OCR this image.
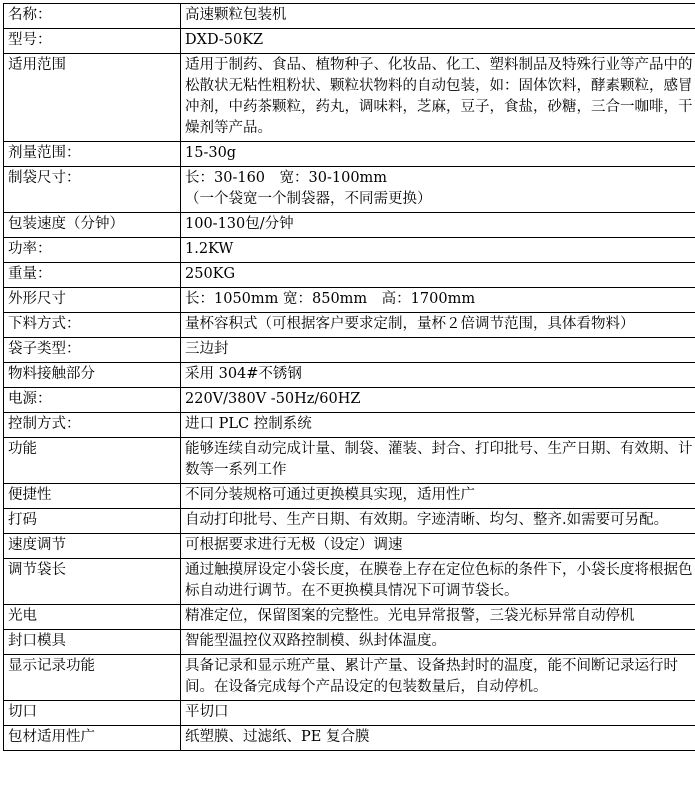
名称：	高速颗粒包装机
型号：	DXD-50KZ
适用范围	适用于制药、食品、植物种子、化妆品、化工、塑料制品及特殊行业等产品中的松散状无粘性粗粉状、颗粒状物料的自动包装，如：固体饮料，酵素颗粒，感冒冲剂，中药茶颗粒，药丸，调味料，芝麻，豆子，食盐，砂糖，三合一咖啡，干燥剂等产品。
剂量范围：	15-30g
制袋尺寸：	长：30-160　宽：30-100mm
（一个袋宽一个制袋器，不同需更换）

包装速度（分钟）	100-130包/分钟
功率：	1.2KW
重量：	250KG
外形尺寸	长：1050mm 宽：850mm　高：1700mm
下料方式：	量杯容积式（可根据客户要求定制，量杯２倍调节范围，具体看物料）
袋子类型：	三边封
物料接触部分	采用 304#不锈钢
电源：	220V/380V -50Hz/60HZ
控制方式：	进口 PLC 控制系统
功能	能够连续自动完成计量、制袋、灌装、封合、打印批号、生产日期、有效期、计数等一系列工作
便捷性	不同分装规格可通过更换模具实现，适用性广
打码	自动打印批号、生产日期、有效期。字迹清晰、均匀、整齐.如需要可另配。
速度调节	可根据要求进行无极（设定）调速
调节袋长	通过触摸屏设定小袋长度，在膜卷上存在定位色标的条件下，小袋长度将根据色标自动进行调节。在不更换模具情况下可调节袋长。
光电	精准定位，保留图案的完整性。光电异常报警，三袋光标异常自动停机
封口模具	智能型温控仪双路控制模、纵封体温度。
显示记录功能	具备记录和显示班产量、累计产量、设备热封时的温度，能不间断记录运行时间。在设备完成每个产品设定的包装数量后，自动停机。
切口	平切口
包材适用性广	纸塑膜、过滤纸、PE 复合膜
